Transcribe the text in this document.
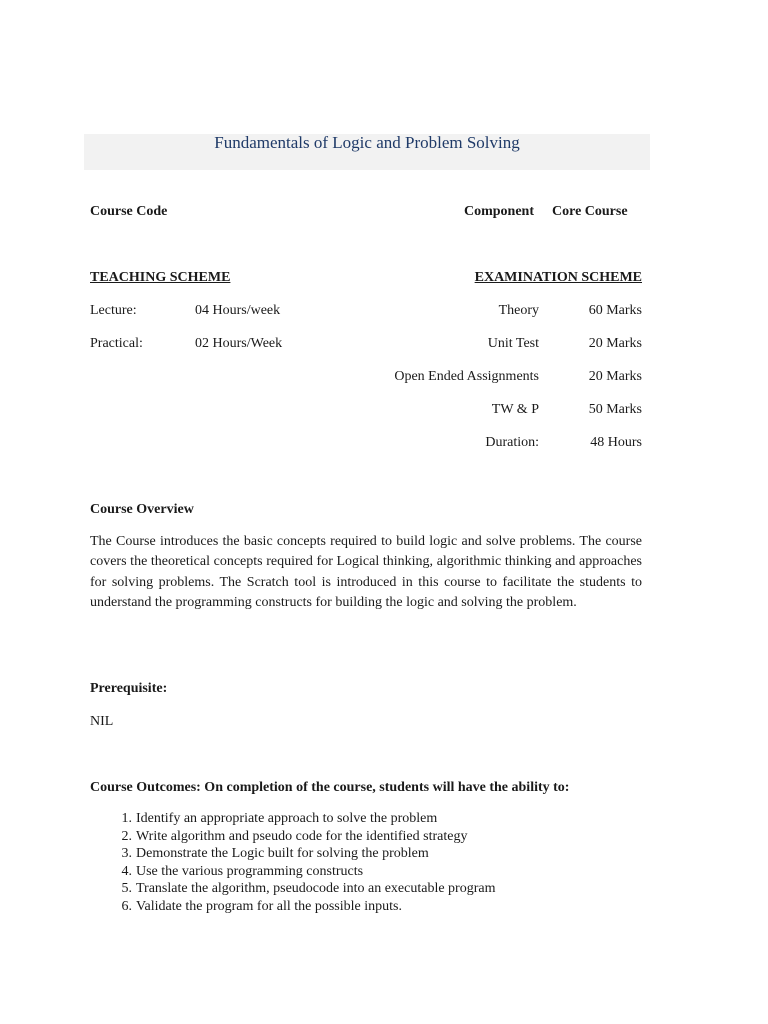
Fundamentals of Logic and Problem Solving
Course Code	Component Core Course
TEACHING SCHEME	EXAMINATION SCHEME
Lecture:	04 Hours/week
Practical:	02 Hours/Week
Theory	60 Marks
Unit Test	20 Marks
Open Ended Assignments	20 Marks
TW & P	50 Marks
Duration:	48 Hours
Course Overview
The Course introduces the basic concepts required to build logic and solve problems. The course covers the theoretical concepts required for Logical thinking, algorithmic thinking and approaches for solving problems. The Scratch tool is introduced in this course to facilitate the students to understand the programming constructs for building the logic and solving the problem.
Prerequisite:
NIL
Course Outcomes: On completion of the course, students will have the ability to:
1. Identify an appropriate approach to solve the problem
2. Write algorithm and pseudo code for the identified strategy
3. Demonstrate the Logic built for solving the problem
4. Use the various programming constructs
5. Translate the algorithm, pseudocode into an executable program
6. Validate the program for all the possible inputs.
